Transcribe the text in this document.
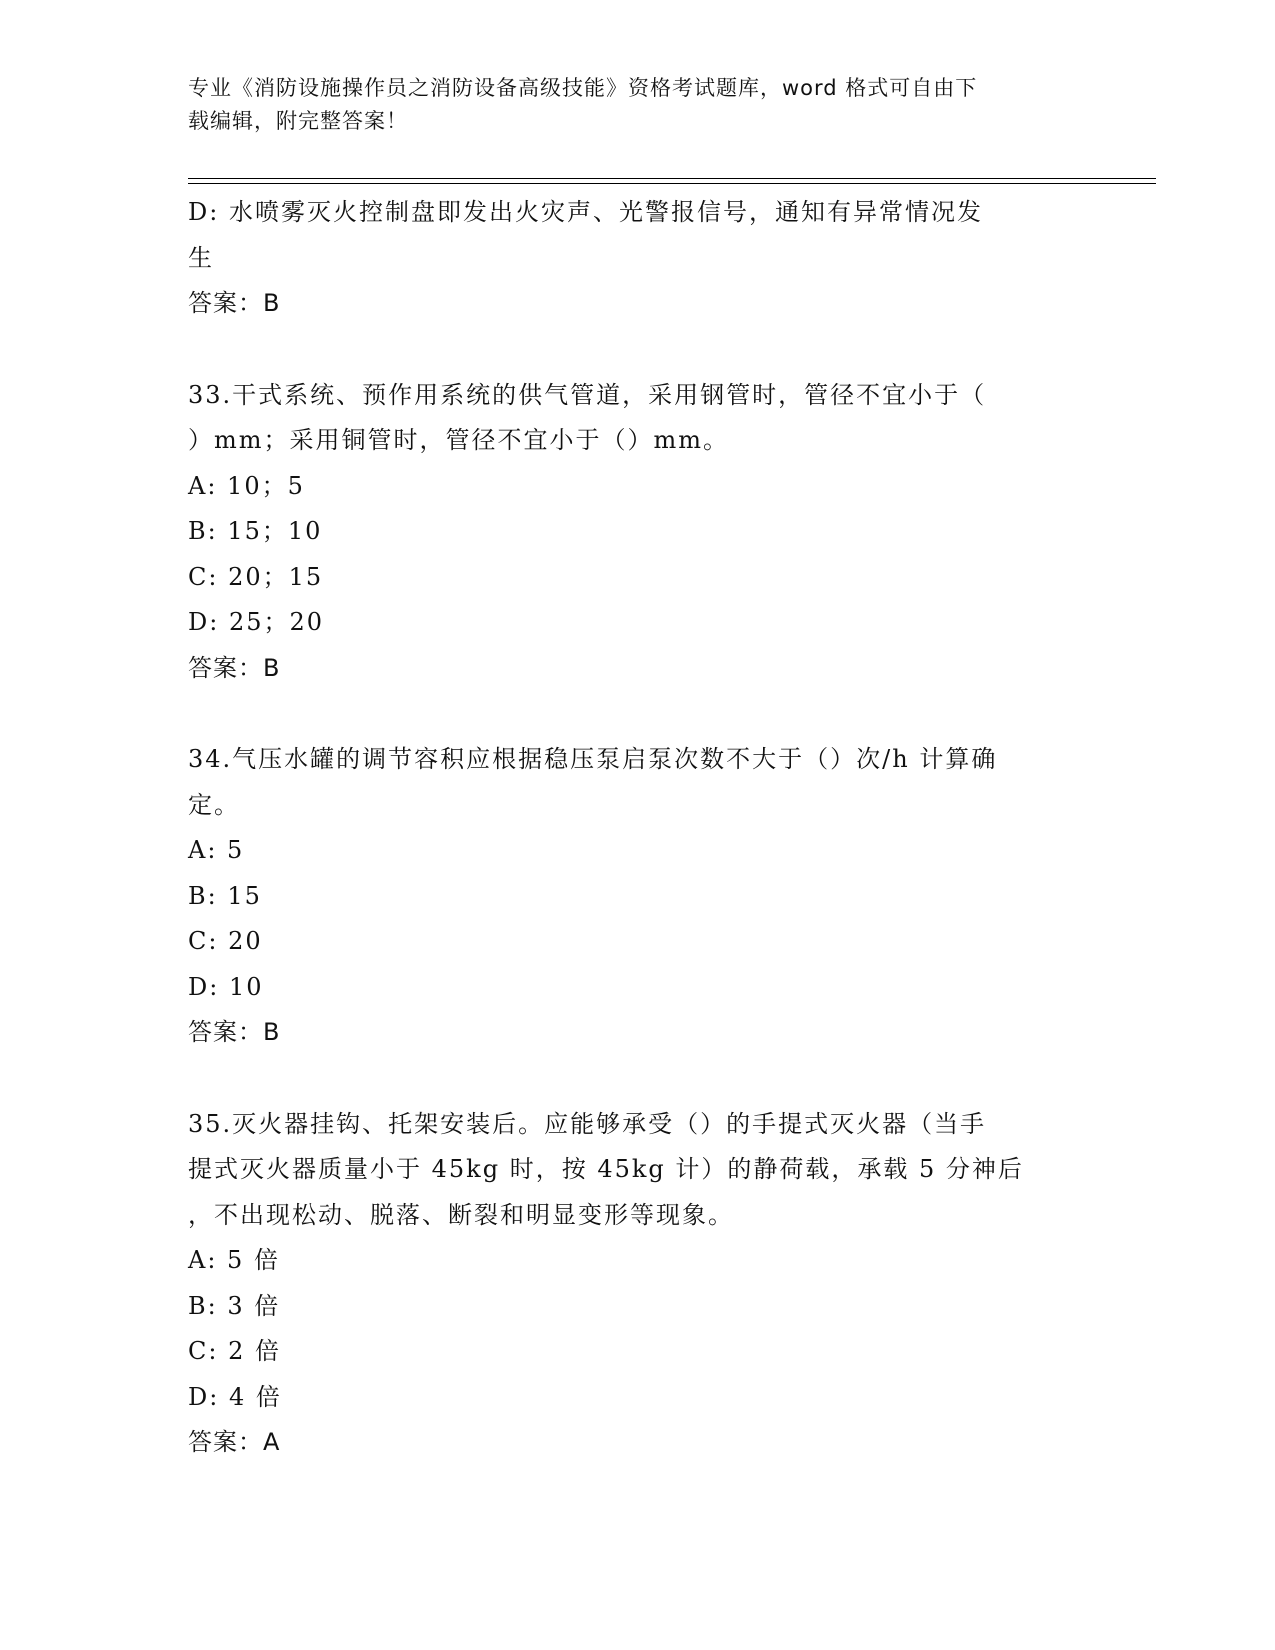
专业《消防设施操作员之消防设备高级技能》资格考试题库，word 格式可自由下
载编辑，附完整答案！
D: 水喷雾灭火控制盘即发出火灾声、光警报信号，通知有异常情况发
生
答案：B
33.干式系统、预作用系统的供气管道，采用钢管时，管径不宜小于（
）mm；采用铜管时，管径不宜小于（）mm。
A: 10；5
B: 15；10
C: 20；15
D: 25；20
答案：B
34.气压水罐的调节容积应根据稳压泵启泵次数不大于（）次/h 计算确
定。
A: 5
B: 15
C: 20
D: 10
答案：B
35.灭火器挂钩、托架安装后。应能够承受（）的手提式灭火器（当手
提式灭火器质量小于 45kg 时，按 45kg 计）的静荷载，承载 5 分神后
，不出现松动、脱落、断裂和明显变形等现象。
A: 5 倍
B: 3 倍
C: 2 倍
D: 4 倍
答案：A
